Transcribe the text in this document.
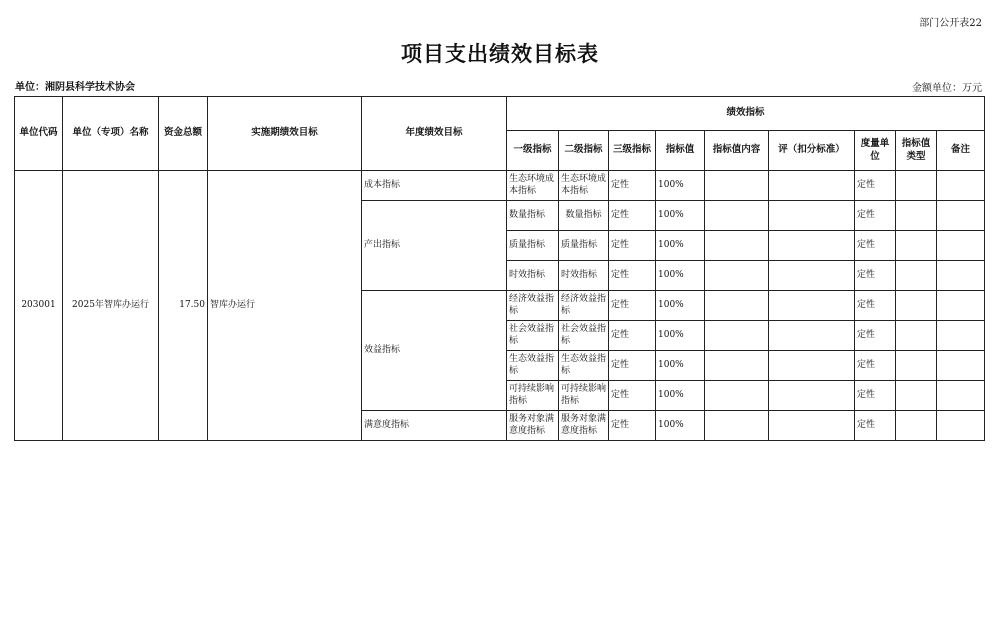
部门公开表22
项目支出绩效目标表
单位：湘阴县科学技术协会	金额单位：万元
单位代码	单位（专项）名称	资金总额	实施期绩效目标	年度绩效目标	绩效指标								
					一级指标	二级指标	三级指标	指标值	指标值内容	评（扣分标准）	度量单位	指标值类型	备注
203001	2025年智库办运行	17.50	智库办运行	成本指标	生态环境成本指标	生态环境成本指标	定性	100%			定性		
				产出指标	数量指标	数量指标	定性	100%			定性		
					质量指标	质量指标	定性	100%			定性		
					时效指标	时效指标	定性	100%			定性		
				效益指标	经济效益指标	经济效益指标	定性	100%			定性		
					社会效益指标	社会效益指标	定性	100%			定性		
					生态效益指标	生态效益指标	定性	100%			定性		
					可持续影响指标	可持续影响指标	定性	100%			定性		
				满意度指标	服务对象满意度指标	服务对象满意度指标	定性	100%			定性		
